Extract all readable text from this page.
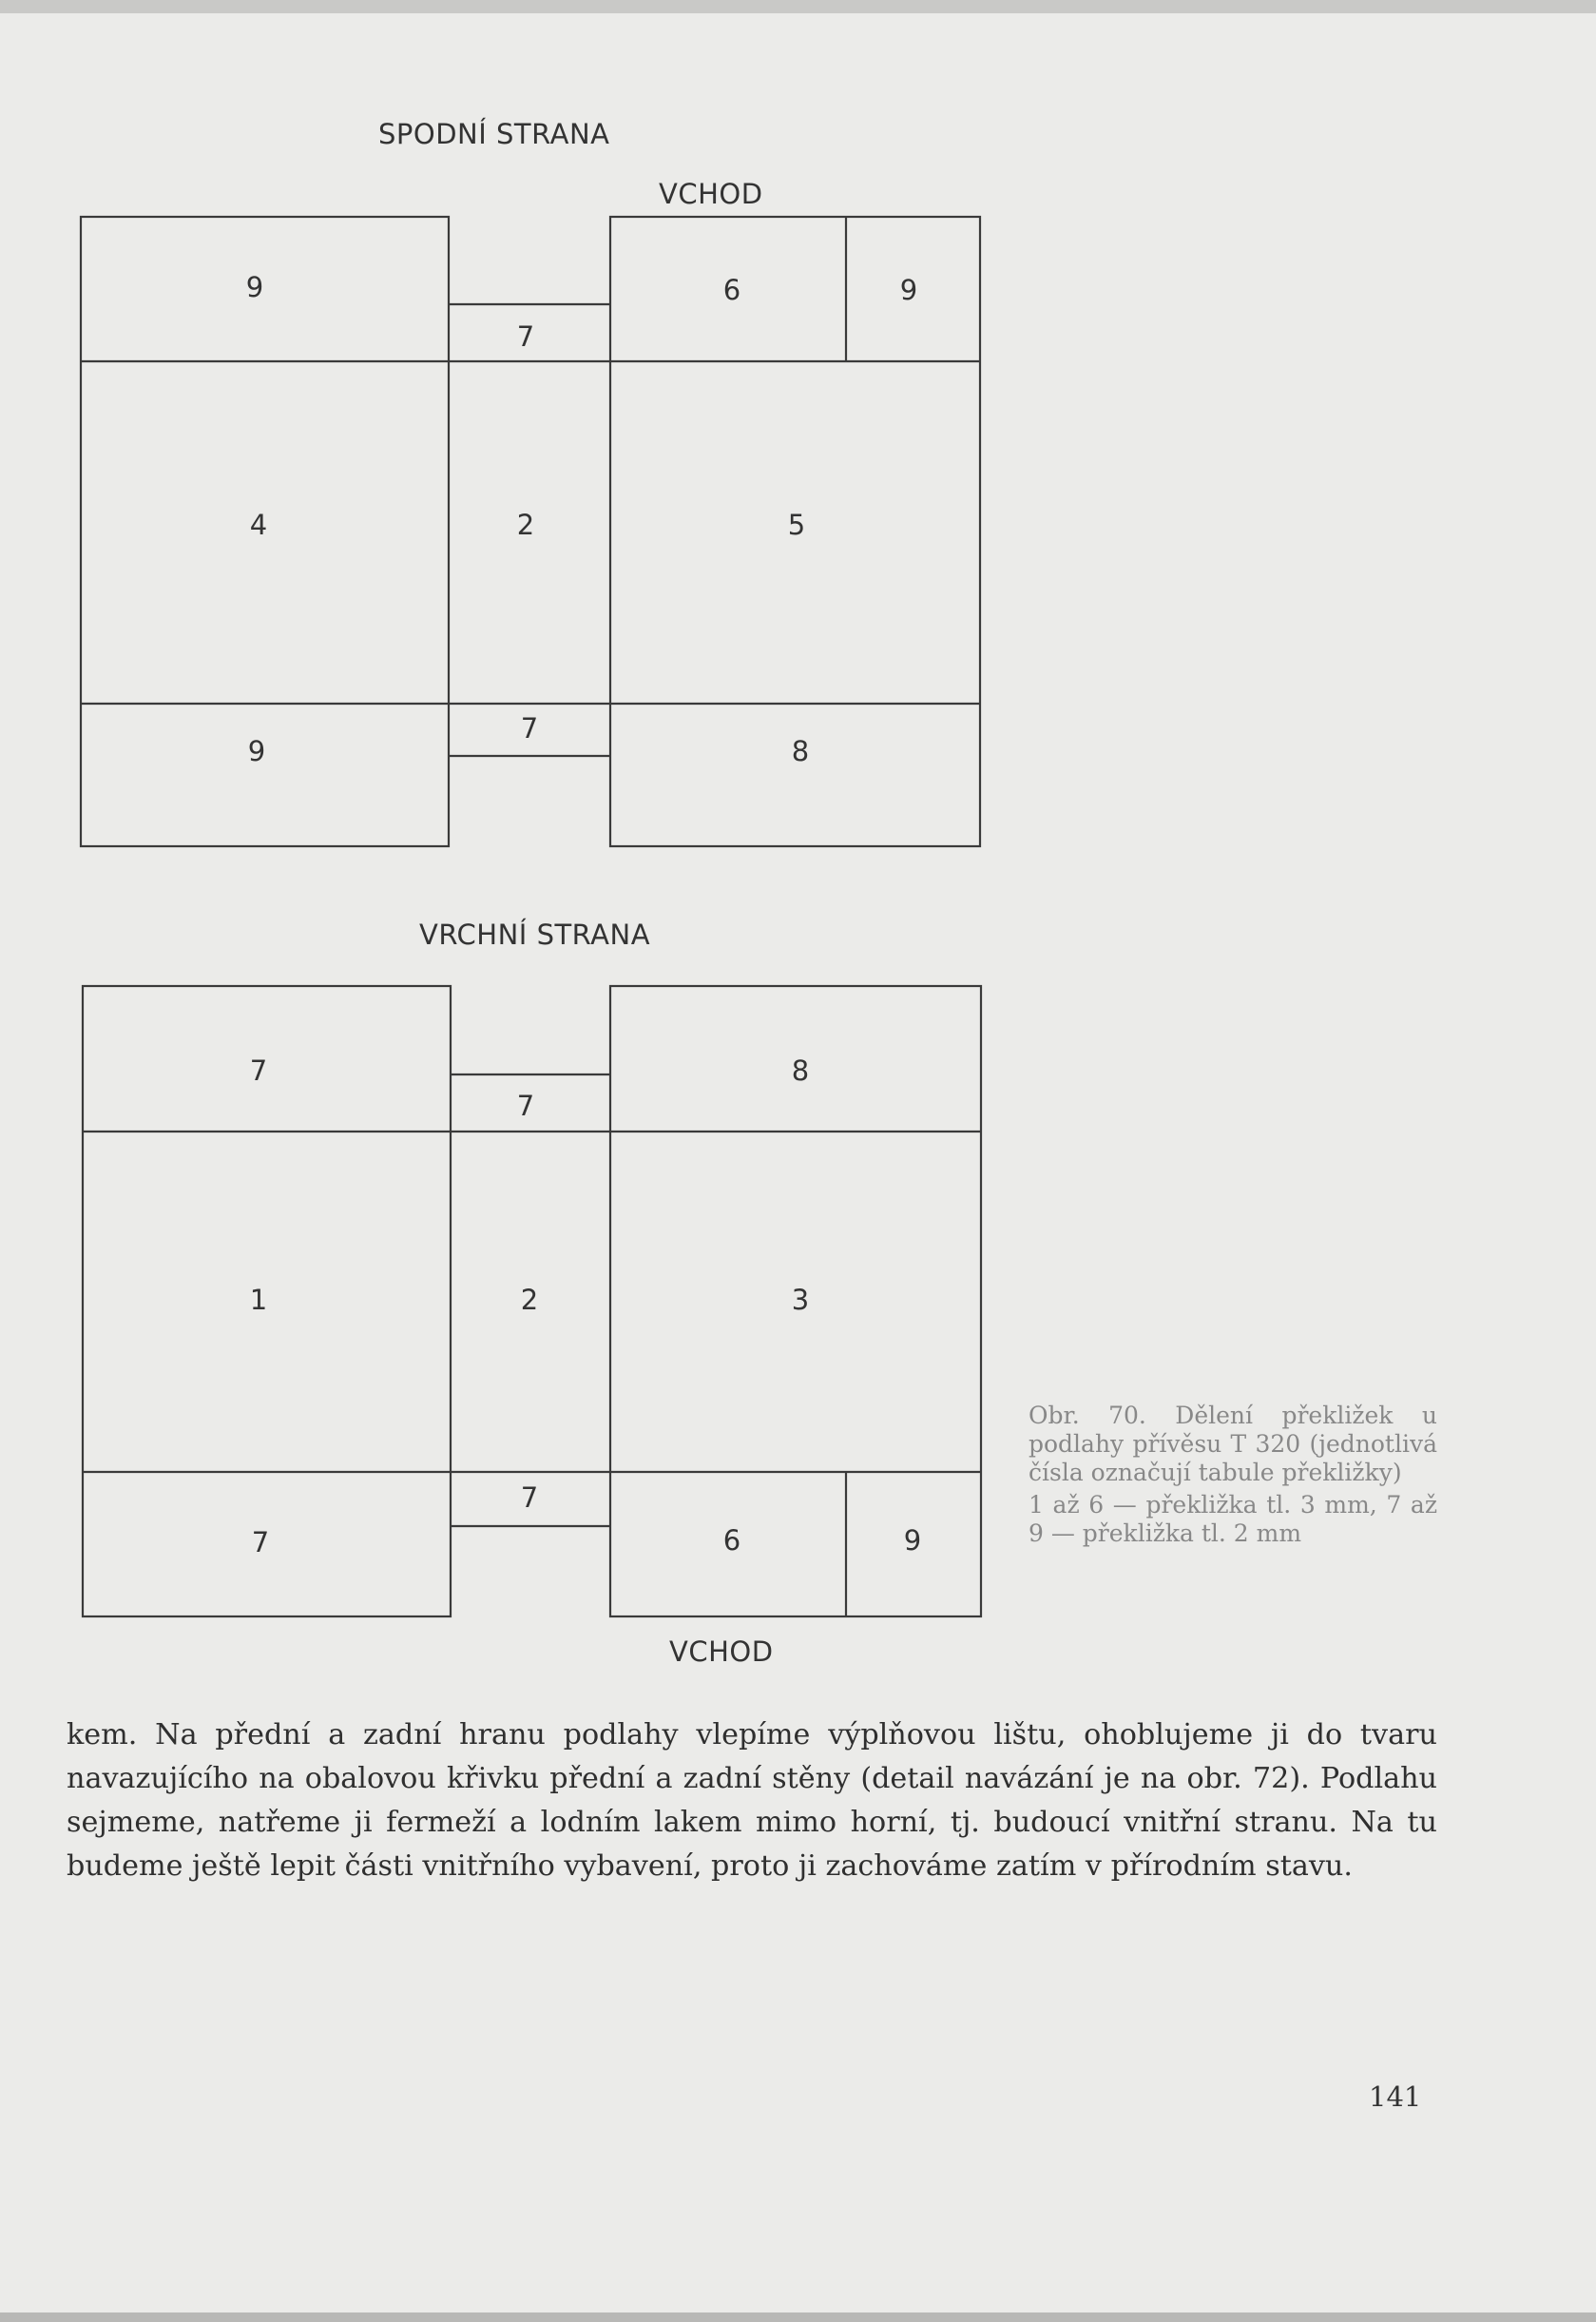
SPODNÍ STRANA
VCHOD
VRCHNÍ STRANA
VCHOD
9
7
6	9
4	2	5
9
7
8
7
7
8
1	2	3
7
7
6	9

Obr. 70. Dělení překližek u podlahy přívěsu T 320 (jednotlivá čísla označují tabule překližky)

1 až 6 — překližka tl. 3 mm, 7 až 9 — překližka tl. 2 mm

kem. Na přední a zadní hranu podlahy vlepíme výplňovou lištu, ohoblujeme ji do tvaru navazujícího na obalovou křivku přední a zadní stěny (detail navázání je na obr. 72). Podlahu sejmeme, natřeme ji fermeží a lodním lakem mimo horní, tj. budoucí vnitřní stranu. Na tu budeme ještě lepit části vnitřního vybavení, proto ji zachováme zatím v přírodním stavu.

141
